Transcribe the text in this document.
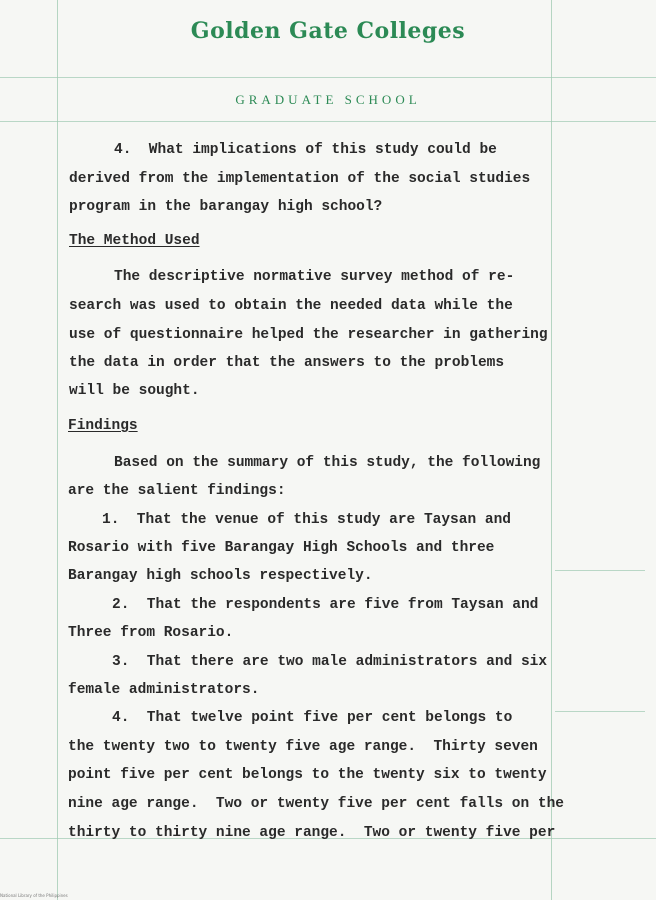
Golden Gate Colleges
GRADUATE SCHOOL
4.  What implications of this study could be
derived from the implementation of the social studies
program in the barangay high school?
The Method Used
The descriptive normative survey method of re-
search was used to obtain the needed data while the
use of questionnaire helped the researcher in gathering
the data in order that the answers to the problems
will be sought.
Findings
Based on the summary of this study, the following
are the salient findings:
1.  That the venue of this study are Taysan and
Rosario with five Barangay High Schools and three
Barangay high schools respectively.
2.  That the respondents are five from Taysan and
Three from Rosario.
3.  That there are two male administrators and six
female administrators.
4.  That twelve point five per cent belongs to
the twenty two to twenty five age range.  Thirty seven
point five per cent belongs to the twenty six to twenty
nine age range.  Two or twenty five per cent falls on the
thirty to thirty nine age range.  Two or twenty five per
National Library of the Philippines
